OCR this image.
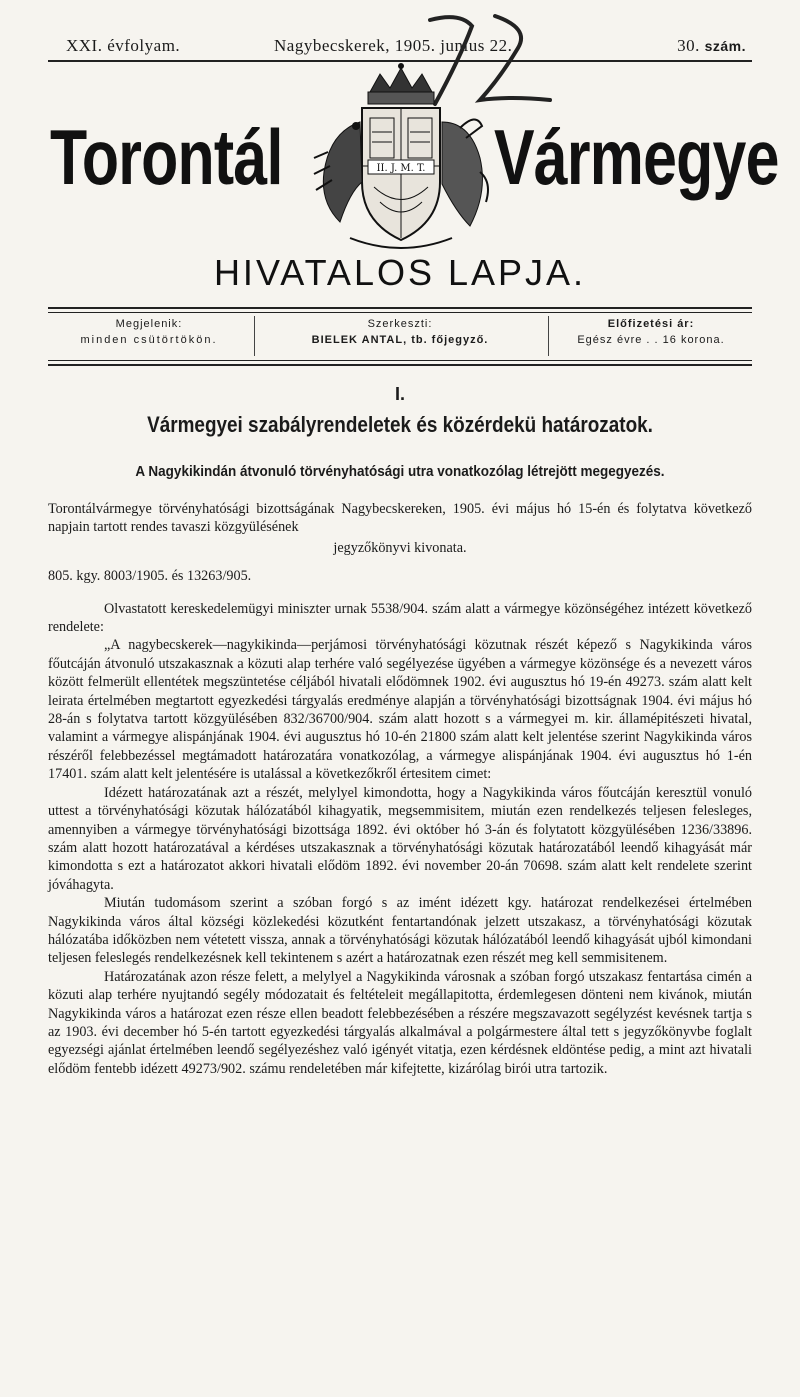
XXI. évfolyam.	Nagybecskerek, 1905. junius 22.	30. szám.
2Z
Torontál	Vármegye
II. J. M. T.
HIVATALOS LAPJA.
Megjelenik:
minden csütörtökön.
Szerkeszti:
BIELEK ANTAL, tb. főjegyző.
Előfizetési ár:
Egész évre . . 16 korona.
I.
Vármegyei szabályrendeletek és közérdekü határozatok.
A Nagykikindán átvonuló törvényhatósági utra vonatkozólag létrejött megegyezés.

Torontálvármegye törvényhatósági bizottságának Nagybecskereken, 1905. évi május hó 15-én és folytatva következő napjain tartott rendes tavaszi közgyülésének

jegyzőkönyvi kivonata.

805. kgy. 8003/1905. és 13263/905.

Olvastatott kereskedelemügyi miniszter urnak 5538/904. szám alatt a vármegye közönségéhez intézett következő rendelete:

„A nagybecskerek—nagykikinda—perjámosi törvényhatósági közutnak részét képező s Nagykikinda város főutcáján átvonuló utszakasznak a közuti alap terhére való segélyezése ügyében a vármegye közönsége és a nevezett város között felmerült ellentétek megszüntetése céljából hivatali elődömnek 1902. évi augusztus hó 19-én 49273. szám alatt kelt leirata értelmében megtartott egyezkedési tárgyalás eredménye alapján a törvényhatósági bizottságnak 1904. évi május hó 28-án s folytatva tartott közgyülésében 832/36700/904. szám alatt hozott s a vármegyei m. kir. államépitészeti hivatal, valamint a vármegye alispánjának 1904. évi augusztus hó 10-én 21800 szám alatt kelt jelentése szerint Nagykikinda város részéről felebbezéssel megtámadott határozatára vonatkozólag, a vármegye alispánjának 1904. évi augusztus hó 1-én 17401. szám alatt kelt jelentésére is utalással a következőkről értesitem cimet:

Idézett határozatának azt a részét, melylyel kimondotta, hogy a Nagykikinda város főutcáján keresztül vonuló uttest a törvényhatósági közutak hálózatából kihagyatik, megsemmisitem, miután ezen rendelkezés teljesen felesleges, amennyiben a vármegye törvényhatósági bizottsága 1892. évi október hó 3-án és folytatott közgyülésében 1236/33896. szám alatt hozott határozatával a kérdéses utszakasznak a törvényhatósági közutak határozatából leendő kihagyását már kimondotta s ezt a határozatot akkori hivatali elődöm 1892. évi november 20-án 70698. szám alatt kelt rendelete szerint jóváhagyta.

Miután tudomásom szerint a szóban forgó s az imént idézett kgy. határozat rendelkezései értelmében Nagykikinda város által községi közlekedési közutként fentartandónak jelzett utszakasz, a törvényhatósági közutak hálózatába időközben nem vétetett vissza, annak a törvényhatósági közutak hálózatából leendő kihagyását ujból kimondani teljesen feleslegés rendelkezésnek kell tekintenem s azért a határozatnak ezen részét meg kell semmisitenem.

Határozatának azon része felett, a melylyel a Nagykikinda városnak a szóban forgó utszakasz fentartása cimén a közuti alap terhére nyujtandó segély módozatait és feltételeit megállapitotta, érdemlegesen dönteni nem kivánok, miután Nagykikinda város a határozat ezen része ellen beadott felebbezésében a részére megszavazott segélyzést kevésnek tartja s az 1903. évi december hó 5-én tartott egyezkedési tárgyalás alkalmával a polgármestere által tett s jegyzőkönyvbe foglalt egyezségi ajánlat értelmében leendő segélyezéshez való igényét vitatja, ezen kérdésnek eldöntése pedig, a mint azt hivatali elődöm fentebb idézett 49273/902. számu rendeletében már kifejtette, kizárólag birói utra tartozik.
